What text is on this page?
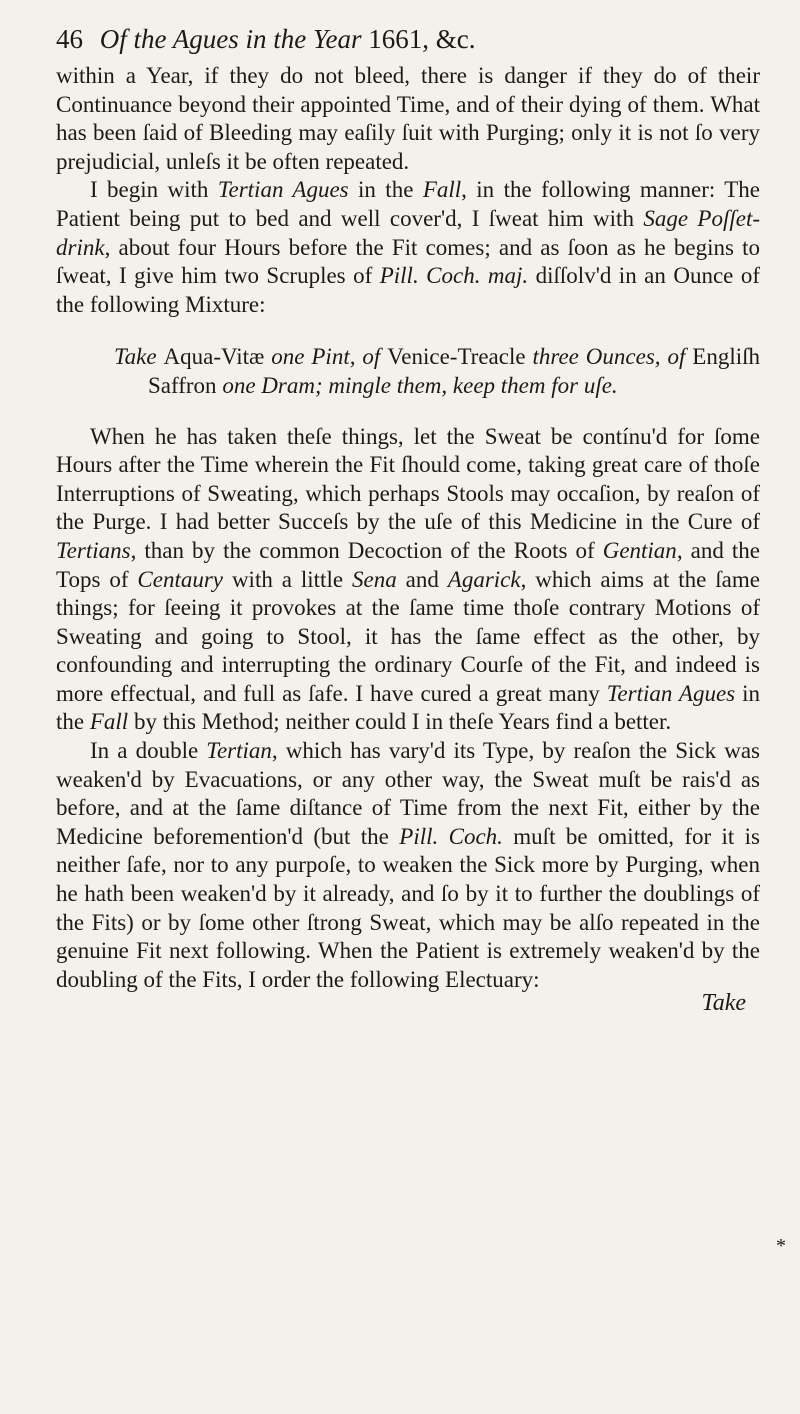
46 Of the Agues in the Year 1661, &c.

within a Year, if they do not bleed, there is danger if they do of their Continuance beyond their appointed Time, and of their dying of them. What has been ſaid of Bleeding may eaſily ſuit with Purging; only it is not ſo very prejudicial, unleſs it be often repeated.

I begin with Tertian Agues in the Fall, in the following manner: The Patient being put to bed and well cover'd, I ſweat him with Sage Poſſet-drink, about four Hours before the Fit comes; and as ſoon as he begins to ſweat, I give him two Scruples of Pill. Coch. maj. diſſolv'd in an Ounce of the following Mixture:

Take Aqua-Vitæ one Pint, of Venice-Treacle three Ounces, of Engliſh Saffron one Dram; mingle them, keep them for uſe.

When he has taken theſe things, let the Sweat be contínu'd for ſome Hours after the Time wherein the Fit ſhould come, taking great care of thoſe Interruptions of Sweating, which perhaps Stools may occaſion, by reaſon of the Purge. I had better Succeſs by the uſe of this Medicine in the Cure of Tertians, than by the common Decoction of the Roots of Gentian, and the Tops of Centaury with a little Sena and Agarick, which aims at the ſame things; for ſeeing it provokes at the ſame time thoſe contrary Motions of Sweating and going to Stool, it has the ſame effect as the other, by confounding and interrupting the ordinary Courſe of the Fit, and indeed is more effectual, and full as ſafe. I have cured a great many Tertian Agues in the Fall by this Method; neither could I in theſe Years find a better.

In a double Tertian, which has vary'd its Type, by reaſon the Sick was weaken'd by Evacuations, or any other way, the Sweat muſt be rais'd as before, and at the ſame diſtance of Time from the next Fit, either by the Medicine beforemention'd (but the Pill. Coch. muſt be omitted, for it is neither ſafe, nor to any purpoſe, to weaken the Sick more by Purging, when he hath been weaken'd by it already, and ſo by it to further the doublings of the Fits) or by ſome other ſtrong Sweat, which may be alſo repeated in the genuine Fit next following. When the Patient is extremely weaken'd by the doubling of the Fits, I order the following Electuary:

Take
*
